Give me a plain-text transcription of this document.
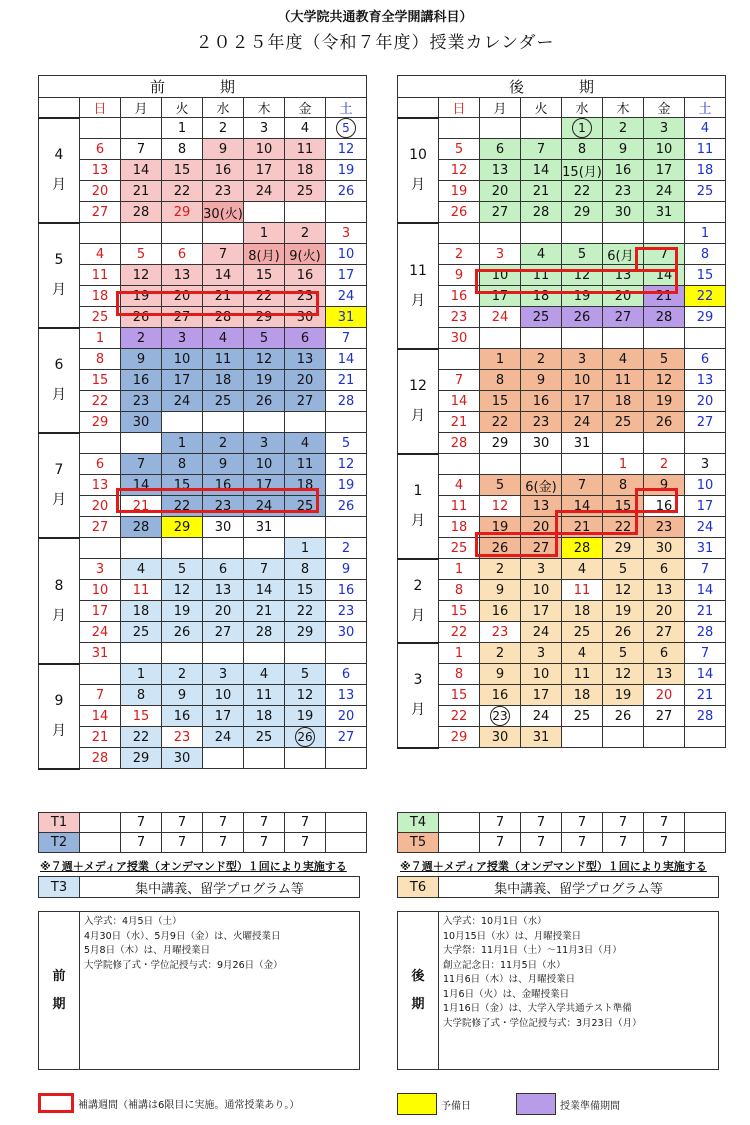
（大学院共通教育全学開講科目）
２０２５年度（令和７年度）授業カレンダー
前　期							
	日	月	火	水	木	金	土

4
月			1	2	3	4	5
	6	7	8	9	10	11	12
	13	14	15	16	17	18	19
	20	21	22	23	24	25	26
	27	28	29	30(火)			

5
月					1	2	3
	4	5	6	7	8(月)	9(火)	10
	11	12	13	14	15	16	17
	18	19	20	21	22	23	24
	25	26	27	28	29	30	31

6
月	1	2	3	4	5	6	7
	8	9	10	11	12	13	14
	15	16	17	18	19	20	21
	22	23	24	25	26	27	28
	29	30					

7
月			1	2	3	4	5
	6	7	8	9	10	11	12
	13	14	15	16	17	18	19
	20	21	22	23	24	25	26
	27	28	29	30	31		

8
月						1	2
	3	4	5	6	7	8	9
	10	11	12	13	14	15	16
	17	18	19	20	21	22	23
	24	25	26	27	28	29	30
	31						

9
月		1	2	3	4	5	6
	7	8	9	10	11	12	13
	14	15	16	17	18	19	20
	21	22	23	24	25	26	27
	28	29	30				
後　期							
	日	月	火	水	木	金	土

10
月				1	2	3	4
	5	6	7	8	9	10	11
	12	13	14	15(月)	16	17	18
	19	20	21	22	23	24	25
	26	27	28	29	30	31	

11
月							1
	2	3	4	5	6(月)	7	8
	9	10	11	12	13	14	15
	16	17	18	19	20	21	22
	23	24	25	26	27	28	29
	30						

12
月		1	2	3	4	5	6
	7	8	9	10	11	12	13
	14	15	16	17	18	19	20
	21	22	23	24	25	26	27
	28	29	30	31			

1
月					1	2	3
	4	5	6(金)	7	8	9	10
	11	12	13	14	15	16	17
	18	19	20	21	22	23	24
	25	26	27	28	29	30	31

2
月	1	2	3	4	5	6	7
	8	9	10	11	12	13	14
	15	16	17	18	19	20	21
	22	23	24	25	26	27	28

3
月	1	2	3	4	5	6	7
	8	9	10	11	12	13	14
	15	16	17	18	19	20	21
	22	23	24	25	26	27	28
	29	30	31				
T1		7	7	7	7	7	
T2		7	7	7	7	7	
T4		7	7	7	7	7	
T5		7	7	7	7	7	
※７週＋メディア授業（オンデマンド型）１回により実施する	※７週＋メディア授業（オンデマンド型）１回により実施する
T3	集中講義、留学プログラム等	T6	集中講義、留学プログラム等
前
期
入学式：4月5日（土）
4月30日（水）、5月9日（金）は、火曜授業日
5月8日（木）は、月曜授業日
大学院修了式・学位記授与式：9月26日（金）
後
期
入学式：10月1日（水）
10月15日（水）は、月曜授業日
大学祭：11月1日（土）～11月3日（月）
創立記念日：11月5日（水）
11月6日（木）は、月曜授業日
1月6日（火）は、金曜授業日
1月16日（金）は、大学入学共通テスト準備
大学院修了式・学位記授与式：3月23日（月）
補講週間（補講は6限目に実施。通常授業あり。）	予備日	授業準備期間
